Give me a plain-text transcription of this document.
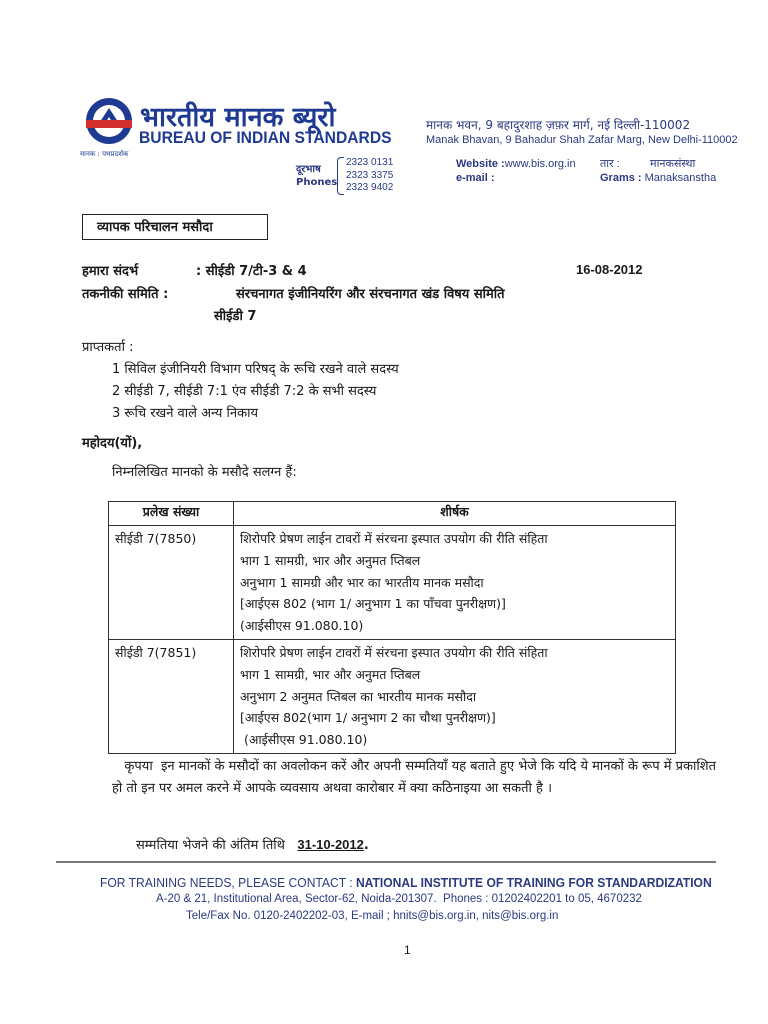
मानक : पथप्रदर्शक
भारतीय मानक ब्यूरो
BUREAU OF INDIAN STANDARDS
मानक भवन, 9 बहादुरशाह ज़फ़र मार्ग, नई दिल्ली-110002
Manak Bhavan, 9 Bahadur Shah Zafar Marg, New Delhi-110002
दूरभाष
Phones
2323 0131
2323 3375
2323 9402
Website :www.bis.org.in
e-mail :
तार :	मानकसंस्था
Grams : Manaksanstha
व्यापक परिचालन मसौदा
हमारा संदर्भ	: सीईडी 7/टी-3 & 4	16-08-2012
तकनीकी समिति :	संरचनागत इंजीनियरिंग और संरचनागत खंड विषय समिति
सीईडी 7
प्राप्तकर्ता :
1 सिविल इंजीनियरी विभाग परिषद् के रूचि रखने वाले सदस्य
2 सीईडी 7, सीईडी 7:1 एंव सीईडी 7:2 के सभी सदस्य
3 रूचि रखने वाले अन्य निकाय
महोदय(यों),
निम्नलिखित मानको के मसौदे सलग्न हैं:
प्रलेख संख्या	शीर्षक
सीईडी 7(7850)	शिरोपरि प्रेषण लाईन टावरों में संरचना इस्पात उपयोग की रीति संहिता
भाग 1 सामग्री, भार और अनुमत प्तिबल
अनुभाग 1 सामग्री और भार का भारतीय मानक मसौदा
[आईएस 802 (भाग 1/ अनुभाग 1 का पाँचवा पुनरीक्षण)]
(आईसीएस 91.080.10)

सीईडी 7(7851)	शिरोपरि प्रेषण लाईन टावरों में संरचना इस्पात उपयोग की रीति संहिता
भाग 1 सामग्री, भार और अनुमत प्तिबल
अनुभाग 2 अनुमत प्तिबल का भारतीय मानक मसौदा
[आईएस 802(भाग 1/ अनुभाग 2 का चौथा पुनरीक्षण)]
(आईसीएस 91.080.10)
कृपया  इन मानकों के मसौदों का अवलोकन करें और अपनी सम्मतियाँ यह बताते हुए भेजे कि यदि ये मानकों के रूप में प्रकाशित हो तो इन पर अमल करने में आपके व्यवसाय अथवा कारोबार में क्या कठिनाइया आ सकती है ।
सम्मतिया भेजने की अंतिम तिथि 31-10-2012.
FOR TRAINING NEEDS, PLEASE CONTACT : NATIONAL INSTITUTE OF TRAINING FOR STANDARDIZATION
A-20 & 21, Institutional Area, Sector-62, Noida-201307.  Phones : 01202402201 to 05, 4670232
Tele/Fax No. 0120-2402202-03, E-mail ; hnits@bis.org.in, nits@bis.org.in
1
